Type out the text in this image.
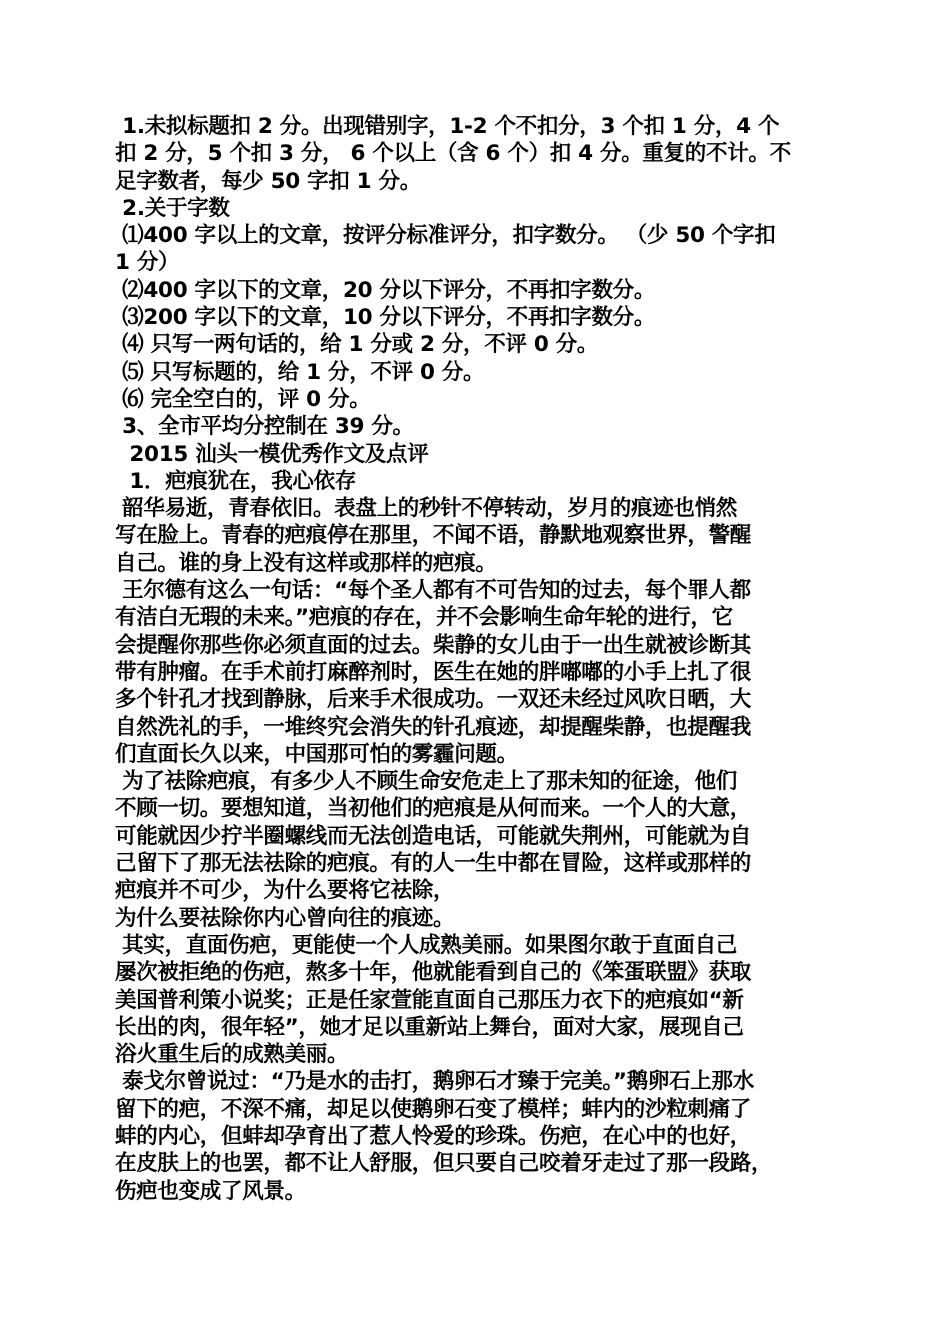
1.未拟标题扣 2 分。出现错别字，1-2 个不扣分，3 个扣 1 分，4 个
扣 2 分，5 个扣 3 分， 6 个以上（含 6 个）扣 4 分。重复的不计。不
足字数者，每少 50 字扣 1 分。
2.关于字数
⑴400 字以上的文章，按评分标准评分，扣字数分。 （少 50 个字扣
1 分）
⑵400 字以下的文章，20 分以下评分，不再扣字数分。
⑶200 字以下的文章，10 分以下评分，不再扣字数分。
⑷ 只写一两句话的，给 1 分或 2 分，不评 0 分。
⑸ 只写标题的，给 1 分，不评 0 分。
⑹ 完全空白的，评 0 分。
3、全市平均分控制在 39 分。
2015 汕头一模优秀作文及点评
1．疤痕犹在，我心依存
韶华易逝，青春依旧。表盘上的秒针不停转动，岁月的痕迹也悄然
写在脸上。青春的疤痕停在那里，不闻不语，静默地观察世界，警醒
自己。谁的身上没有这样或那样的疤痕。
王尔德有这么一句话：“每个圣人都有不可告知的过去，每个罪人都
有洁白无瑕的未来。”疤痕的存在，并不会影响生命年轮的进行，它
会提醒你那些你必须直面的过去。柴静的女儿由于一出生就被诊断其
带有肿瘤。在手术前打麻醉剂时，医生在她的胖嘟嘟的小手上扎了很
多个针孔才找到静脉，后来手术很成功。一双还未经过风吹日晒，大
自然洗礼的手，一堆终究会消失的针孔痕迹，却提醒柴静，也提醒我
们直面长久以来，中国那可怕的雾霾问题。
为了祛除疤痕，有多少人不顾生命安危走上了那未知的征途，他们
不顾一切。要想知道，当初他们的疤痕是从何而来。一个人的大意，
可能就因少拧半圈螺线而无法创造电话，可能就失荆州，可能就为自
己留下了那无法祛除的疤痕。有的人一生中都在冒险，这样或那样的
疤痕并不可少，为什么要将它祛除，
为什么要祛除你内心曾向往的痕迹。
其实，直面伤疤，更能使一个人成熟美丽。如果图尔敢于直面自己
屡次被拒绝的伤疤，熬多十年，他就能看到自己的《笨蛋联盟》获取
美国普利策小说奖；正是任家萱能直面自己那压力衣下的疤痕如“新
长出的肉，很年轻”，她才足以重新站上舞台，面对大家，展现自己
浴火重生后的成熟美丽。
泰戈尔曾说过：“乃是水的击打，鹅卵石才臻于完美。”鹅卵石上那水
留下的疤，不深不痛，却足以使鹅卵石变了模样；蚌内的沙粒刺痛了
蚌的内心，但蚌却孕育出了惹人怜爱的珍珠。伤疤，在心中的也好，
在皮肤上的也罢，都不让人舒服，但只要自己咬着牙走过了那一段路，
伤疤也变成了风景。
